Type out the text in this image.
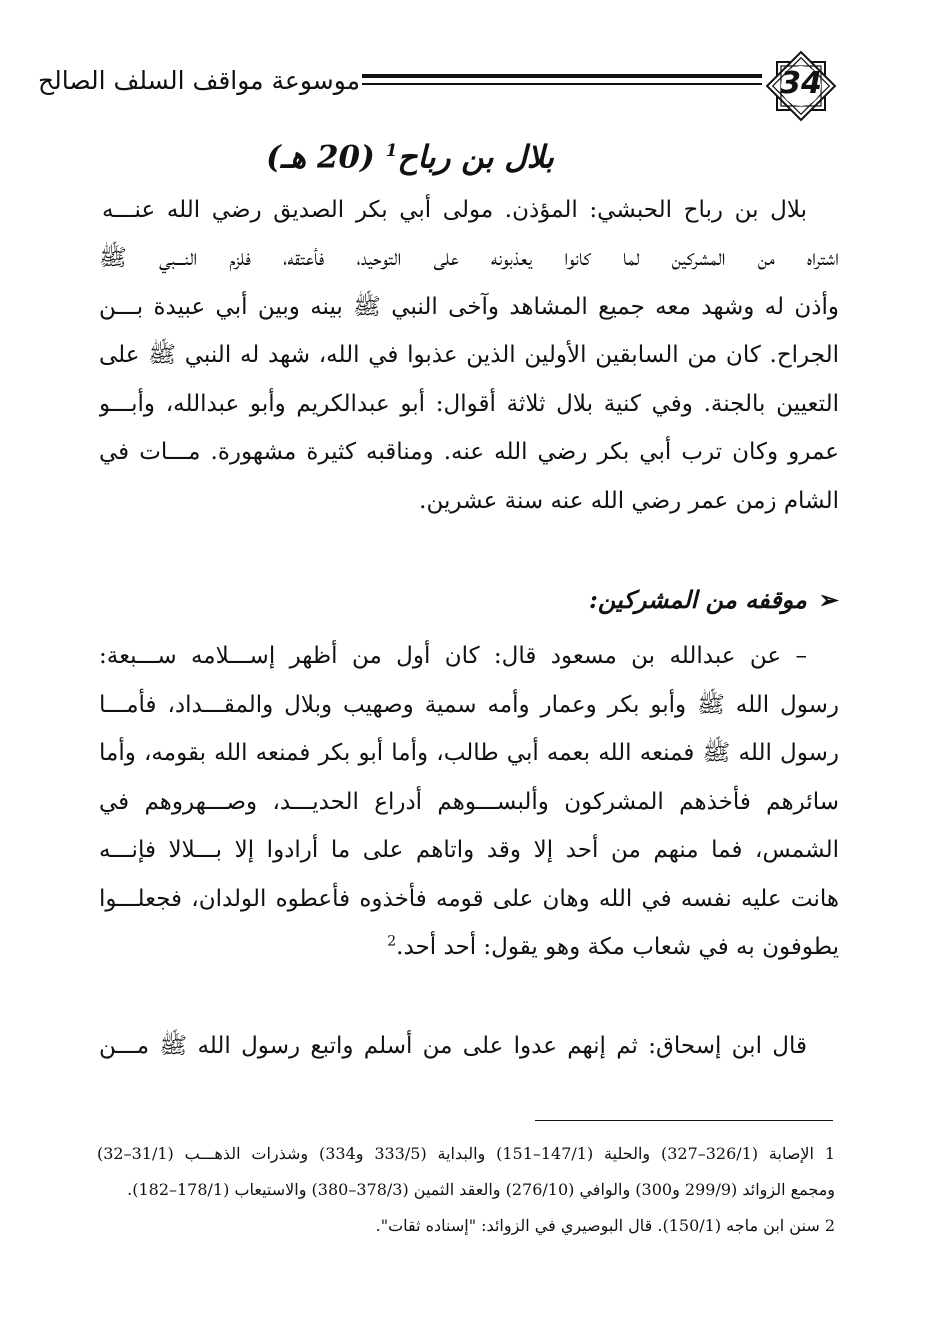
موسوعة مواقف السلف الصالح	34
بلال بن رباح$^1$ (20 هـ)
بلال بن رباح الحبشي: المؤذن. مولى أبي بكر الصديق رضي الله عنـــه
اشتراه من المشركين لما كانوا يعذبونه على التوحيد، فأعتقه، فلزم النـــبي ﷺ
وأذن له وشهد معه جميع المشاهد وآخى النبي ﷺ بينه وبين أبي عبيدة بـــن
الجراح. كان من السابقين الأولين الذين عذبوا في الله، شهد له النبي ﷺ على
التعيين بالجنة. وفي كنية بلال ثلاثة أقوال: أبو عبدالكريم وأبو عبدالله، وأبـــو
عمرو وكان ترب أبي بكر رضي الله عنه. ومناقبه كثيرة مشهورة. مـــات في
الشام زمن عمر رضي الله عنه سنة عشرين.
➢موقفه من المشركين:
– عن عبدالله بن مسعود قال: كان أول من أظهر إســـلامه ســـبعة:
رسول الله ﷺ وأبو بكر وعمار وأمه سمية وصهيب وبلال والمقـــداد، فأمـــا
رسول الله ﷺ فمنعه الله بعمه أبي طالب، وأما أبو بكر فمنعه الله بقومه، وأما
سائرهم فأخذهم المشركون وألبســـوهم أدراع الحديـــد، وصـــهروهم في
الشمس، فما منهم من أحد إلا وقد واتاهم على ما أرادوا إلا بـــلالا فإنـــه
هانت عليه نفسه في الله وهان على قومه فأخذوه فأعطوه الولدان، فجعلـــوا
يطوفون به في شعاب مكة وهو يقول: أحد أحد.$^2$
قال ابن إسحاق: ثم إنهم عدوا على من أسلم واتبع رسول الله ﷺ مـــن
1 الإصابة (326/1–327) والحلية (147/1–151) والبداية (333/5 و334) وشذرات الذهـــب (31/1–32)
ومجمع الزوائد (299/9 و300) والوافي (276/10) والعقد الثمين (378/3–380) والاستيعاب (178/1–182).
2 سنن ابن ماجه (150/1). قال البوصيري في الزوائد: "إسناده ثقات".
